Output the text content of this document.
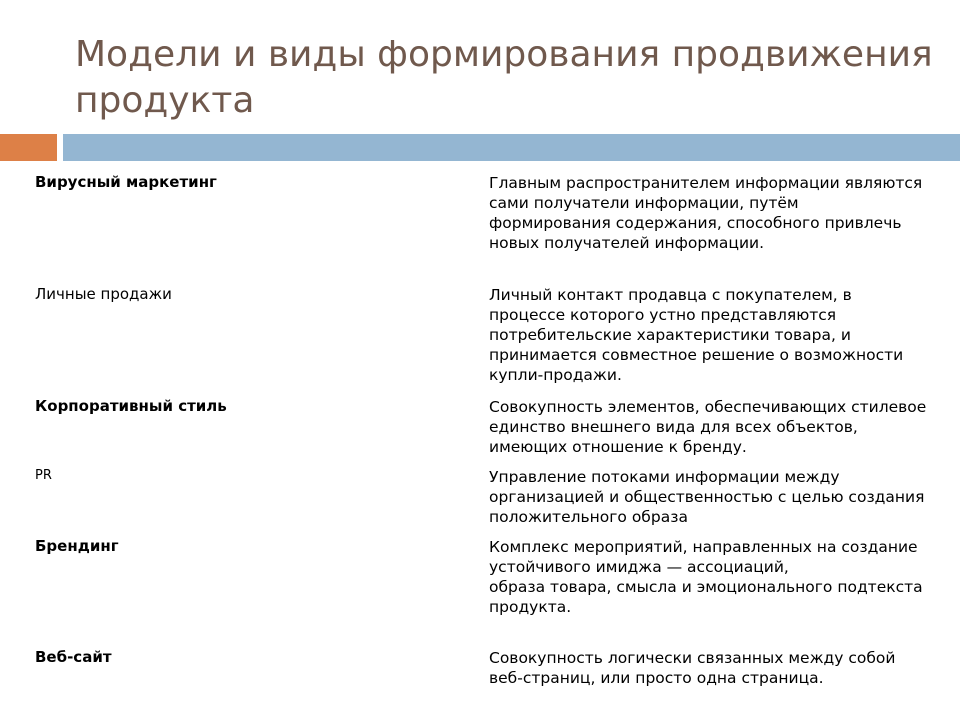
Модели и виды формирования продвижения продукта
Вирусный маркетинг	Главным распространителем информации являются сами получатели информации, путём
формирования содержания, способного привлечь новых получателей информации.
Личные продажи	Личный контакт продавца с покупателем, в процессе которого устно представляются потребительские характеристики товара, и принимается совместное решение о возможности купли-продажи.
Корпоративный стиль	Совокупность элементов, обеспечивающих стилевое единство внешнего вида для всех объектов, имеющих отношение к бренду.
PR	Управление потоками информации между организацией и общественностью с целью создания положительного образа
Брендинг	Комплекс мероприятий, направленных на создание устойчивого имиджа — ассоциаций,
образа товара, смысла и эмоционального подтекста продукта.
Веб-сайт	Совокупность логически связанных между собой веб-страниц, или просто одна страница.
